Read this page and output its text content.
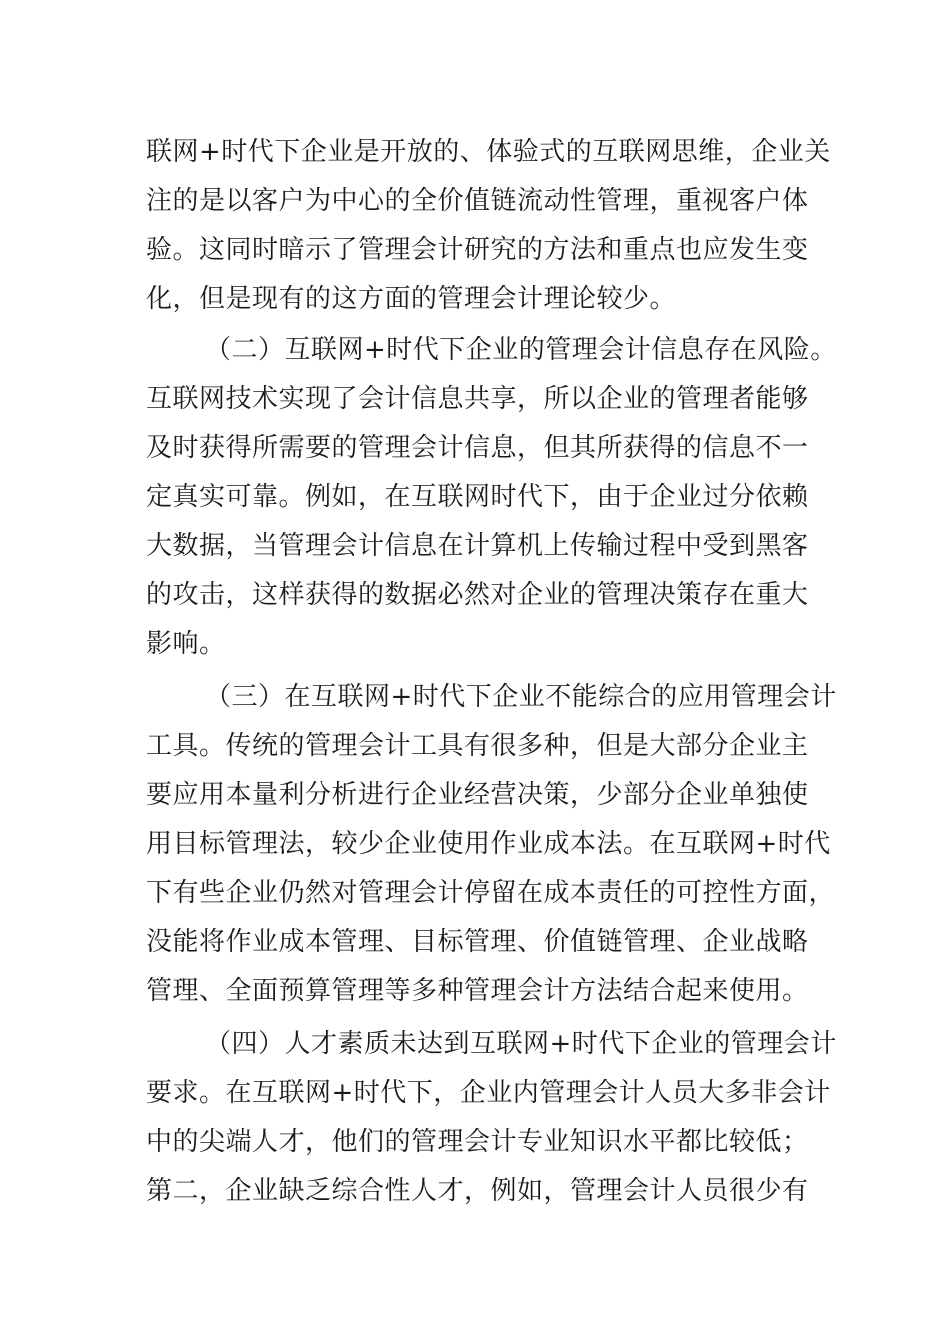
联网+时代下企业是开放的、体验式的互联网思维，企业关
注的是以客户为中心的全价值链流动性管理，重视客户体
验。这同时暗示了管理会计研究的方法和重点也应发生变
化，但是现有的这方面的管理会计理论较少。
（二）互联网+时代下企业的管理会计信息存在风险。
互联网技术实现了会计信息共享，所以企业的管理者能够
及时获得所需要的管理会计信息，但其所获得的信息不一
定真实可靠。例如，在互联网时代下，由于企业过分依赖
大数据，当管理会计信息在计算机上传输过程中受到黑客
的攻击，这样获得的数据必然对企业的管理决策存在重大
影响。
（三）在互联网+时代下企业不能综合的应用管理会计
工具。传统的管理会计工具有很多种，但是大部分企业主
要应用本量利分析进行企业经营决策，少部分企业单独使
用目标管理法，较少企业使用作业成本法。在互联网+时代
下有些企业仍然对管理会计停留在成本责任的可控性方面，
没能将作业成本管理、目标管理、价值链管理、企业战略
管理、全面预算管理等多种管理会计方法结合起来使用。
（四）人才素质未达到互联网+时代下企业的管理会计
要求。在互联网+时代下，企业内管理会计人员大多非会计
中的尖端人才，他们的管理会计专业知识水平都比较低；
第二，企业缺乏综合性人才，例如，管理会计人员很少有
